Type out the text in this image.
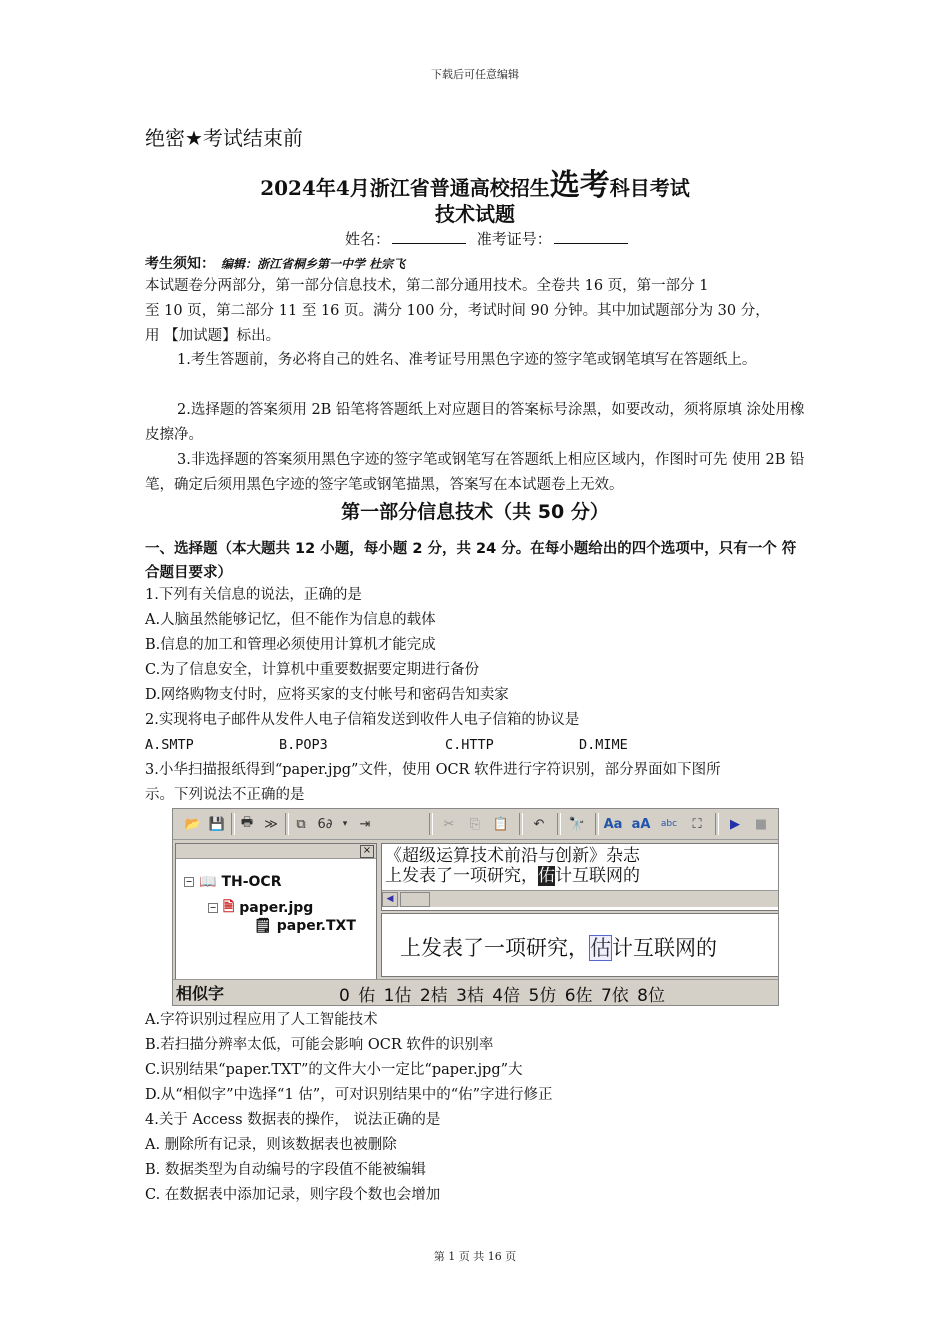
下载后可任意编辑
绝密★考试结束前
2024年4月浙江省普通高校招生选考科目考试
技术试题
姓名：	准考证号：
考生须知： 编辑：浙江省桐乡第一中学 杜宗飞
本试题卷分两部分，第一部分信息技术，第二部分通用技术。全卷共 16 页，第一部分 1
至 10 页，第二部分 11 至 16 页。满分 100 分，考试时间 90 分钟。其中加试题部分为 30 分，
用 【加试题】标出。
1.考生答题前，务必将自己的姓名、准考证号用黑色字迹的签字笔或钢笔填写在答题纸上。
2.选择题的答案须用 2B 铅笔将答题纸上对应题目的答案标号涂黑，如要改动，须将原填 涂处用橡皮擦净。
3.非选择题的答案须用黑色字迹的签字笔或钢笔写在答题纸上相应区域内，作图时可先 使用 2B 铅笔，确定后须用黑色字迹的签字笔或钢笔描黑，答案写在本试题卷上无效。
第一部分信息技术（共 50 分）
一、选择题（本大题共 12 小题，每小题 2 分，共 24 分。在每小题给出的四个选项中，只有一个 符合题目要求）
1.下列有关信息的说法，正确的是
A.人脑虽然能够记忆，但不能作为信息的载体
B.信息的加工和管理必须使用计算机才能完成
C.为了信息安全，计算机中重要数据要定期进行备份
D.网络购物支付时，应将买家的支付帐号和密码告知卖家
2.实现将电子邮件从发件人电子信箱发送到收件人电子信箱的协议是
A.SMTP	B.POP3	C.HTTP	D.MIME
3.小华扫描报纸得到“paper.jpg”文件，使用 OCR 软件进行字符识别，部分界面如下图所
示。下列说法不正确的是
📂 💾 🖶 ≫	⧉ 6∂	▾ ⇥	✂	⎘ 📋	↶	🔭 Aa aA abc	⛶	▶	■
×
− 📖 TH-OCR
− 🗎 paper.jpg
🗒 paper.TXT
《超级运算技术前沿与创新》杂志
上发表了一项研究，佑计互联网的
◀
上发表了一项研究，估计互联网的
相似字	0 佑 1估 2桔 3桔 4倍 5仿 6佐 7依 8位
A.字符识别过程应用了人工智能技术
B.若扫描分辨率太低，可能会影响 OCR 软件的识别率
C.识别结果“paper.TXT”的文件大小一定比“paper.jpg”大
D.从“相似字”中选择“1 估”，可对识别结果中的“佑”字进行修正
4.关于 Access 数据表的操作， 说法正确的是
A. 删除所有记录，则该数据表也被删除
B. 数据类型为自动编号的字段值不能被编辑
C. 在数据表中添加记录，则字段个数也会增加
第 1 页 共 16 页
